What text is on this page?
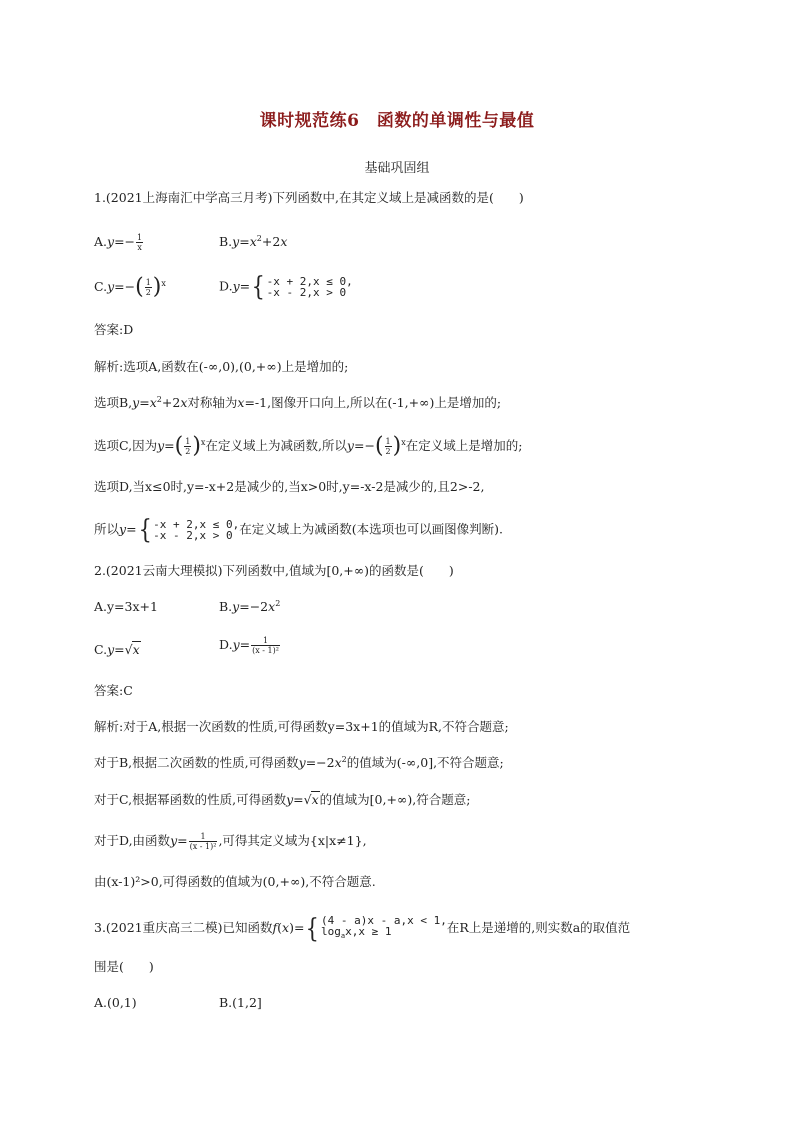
课时规范练6　函数的单调性与最值
基础巩固组
1.(2021上海南汇中学高三月考)下列函数中,在其定义域上是减函数的是(　　)
$A.y=- \frac{1}{x}$	$B.y=x^2+2x$
$C.y=-( \frac{1}{2} )^x$	D.y={ -x + 2,x ≤ 0,
-x - 2,x > 0
答案:D
解析:选项A,函数在(-∞,0),(0,+∞)上是增加的;
选项$B,y=x^2+2x$对称轴为x=-1,图像开口向上,所以在(-1,+∞)上是增加的;
选项C,因为$y=( \frac{1}{2} )^x$在定义域上为减函数,所以$y=-( \frac{1}{2} )^x$在定义域上是增加的;
选项D,当x≤0时,y=-x+2是减少的,当x>0时,y=-x-2是减少的,且2>-2,
所以y={ -x + 2,x ≤ 0,
-x - 2,x > 0 在定义域上为减函数(本选项也可以画图像判断).
2.(2021云南大理模拟)下列函数中,值域为[0,+∞)的函数是(　　)
A.y=3x+1	$B.y=-2x^2$
C.y=√x	$D.y= \frac{1}{\text{(x - 1)²}}$
答案:C
解析:对于A,根据一次函数的性质,可得函数y=3x+1的值域为R,不符合题意;
对于B,根据二次函数的性质,可得函数$y=-2x^2$的值域为(-∞,0],不符合题意;
对于C,根据幂函数的性质,可得函数y=√x的值域为[0,+∞),符合题意;
对于D,由函数$y= \frac{1}{\text{(x - 1)²}}$ ,可得其定义域为{x|x≠1},
由(x-1)²>0,可得函数的值域为(0,+∞),不符合题意.
3.(2021重庆高三二模)已知函数f(x)={ (4 - a)x - a,x < 1,
$\log_ax,x \ge 1$	在R上是递增的,则实数a的取值范
围是(　　)
A.(0,1)	B.(1,2]
